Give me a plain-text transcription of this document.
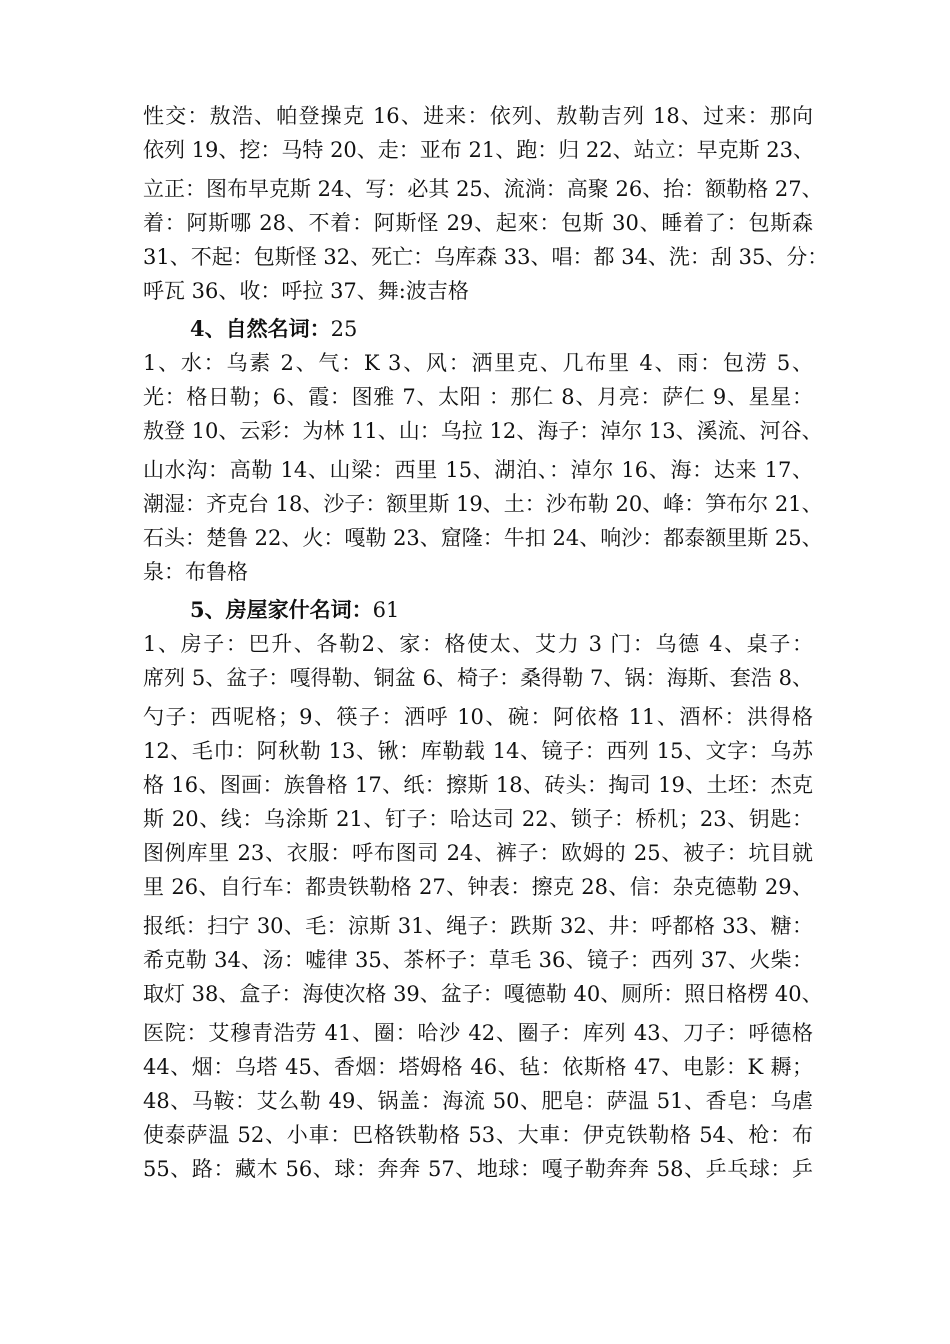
性交：敖浩、帕登操克 16、进来：依列、敖勒吉列 18、过来：那向
依列 19、挖：马特 20、走：亚布 21、跑：归 22、站立：早克斯 23、
立正：图布早克斯 24、写：必其 25、流淌：高聚 26、抬：额勒格 27、
着：阿斯哪 28、不着：阿斯怪 29、起來：包斯 30、睡着了：包斯森
31、不起：包斯怪 32、死亡：乌库森 33、唱：都 34、洗：刮 35、分：
呼瓦 36、收：呼拉 37、舞:波吉格
4、自然名词：25
1、水：乌素 2、气：K 3、风：洒里克、几布里 4、雨：包涝 5、
光：格日勒；6、霞：图雅 7、太阳 ：那仁 8、月亮：萨仁 9、星星：
敖登 10、云彩：为林 11、山：乌拉 12、海子：淖尔 13、溪流、河谷、
山水沟：高勒 14、山梁：西里 15、湖泊、：淖尔 16、海：达来 17、
潮湿：齐克台 18、沙子：额里斯 19、土：沙布勒 20、峰：笋布尔 21、
石头：楚鲁 22、火：嘎勒 23、窟隆：牛扣 24、响沙：都泰额里斯 25、
泉：布鲁格
5、房屋家什名词：61
1、房子：巴升、各勒2、家：格使太、艾力 3 门：乌德 4、桌子：
席列 5、盆子：嘎得勒、铜盆 6、椅子：桑得勒 7、锅：海斯、套浩 8、
勺子：西呢格；9、筷子：洒呼 10、碗：阿依格 11、酒杯：洪得格
12、毛巾：阿秋勒 13、锹：库勒载 14、镜子：西列 15、文字：乌苏
格 16、图画：族鲁格 17、纸：擦斯 18、砖头：掏司 19、土坯：杰克
斯 20、线：乌涂斯 21、钉子：哈达司 22、锁子：桥机；23、钥匙：
图例库里 23、衣服：呼布图司 24、裤子：欧姆的 25、被子：坑目就
里 26、自行车：都贵铁勒格 27、钟表：擦克 28、信：杂克德勒 29、
报纸：扫宁 30、毛：涼斯 31、绳子：跌斯 32、井：呼都格 33、糖：
希克勒 34、汤：嘘律 35、茶杯子：草毛 36、镜子：西列 37、火柴：
取灯 38、盒子：海使次格 39、盆子：嘎德勒 40、厕所：照日格楞 40、
医院：艾穆青浩劳 41、圈：哈沙 42、圈子：库列 43、刀子：呼德格
44、烟：乌塔 45、香烟：塔姆格 46、毡：依斯格 47、电影：K 耨；
48、马鞍：艾么勒 49、锅盖：海流 50、肥皂：萨温 51、香皂：乌虐
使泰萨温 52、小車：巴格铁勒格 53、大車：伊克铁勒格 54、枪：布
55、路：藏木 56、球：奔奔 57、地球：嘎子勒奔奔 58、乒乓球：乒
